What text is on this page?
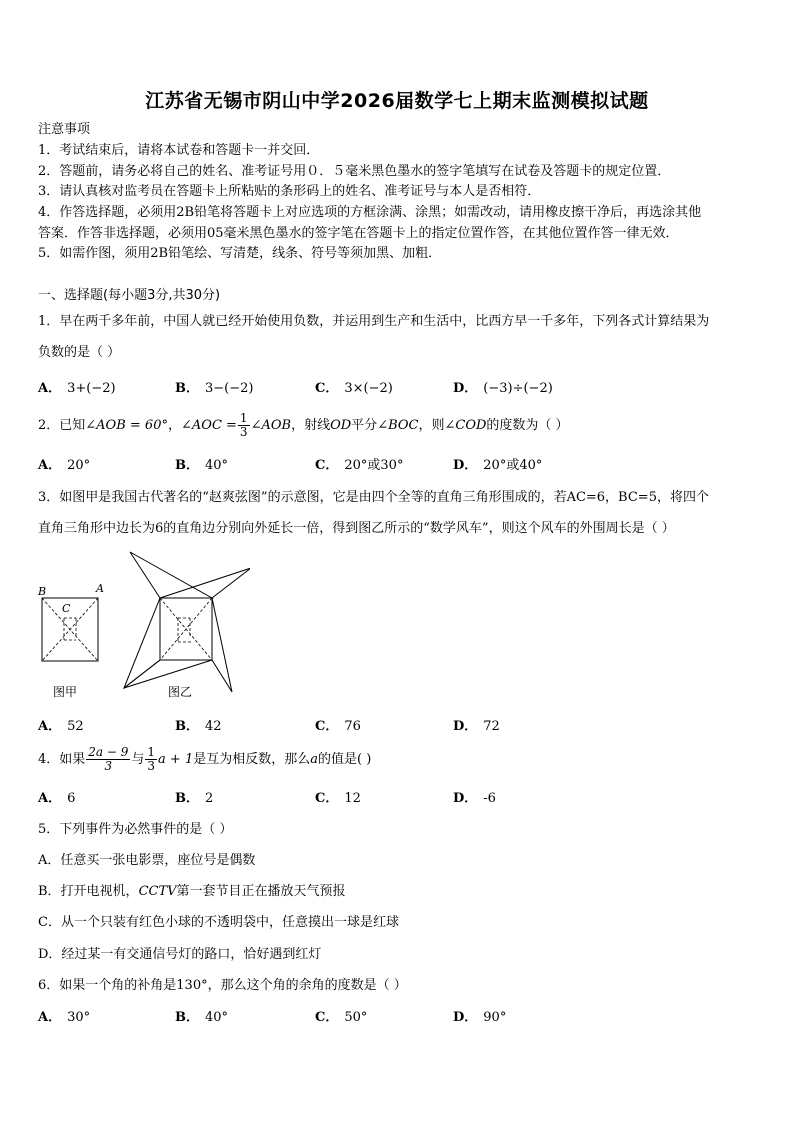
江苏省无锡市阴山中学2026届数学七上期末监测模拟试题
注意事项
1．考试结束后，请将本试卷和答题卡一并交回．
2．答题前，请务必将自己的姓名、准考证号用０．５毫米黑色墨水的签字笔填写在试卷及答题卡的规定位置．
3．请认真核对监考员在答题卡上所粘贴的条形码上的姓名、准考证号与本人是否相符．
4．作答选择题，必须用2B铅笔将答题卡上对应选项的方框涂满、涂黑；如需改动，请用橡皮擦干净后，再选涂其他
答案．作答非选择题，必须用05毫米黑色墨水的签字笔在答题卡上的指定位置作答，在其他位置作答一律无效．
5．如需作图，须用2B铅笔绘、写清楚，线条、符号等须加黑、加粗．
一、选择题(每小题3分,共30分)
1．早在两千多年前，中国人就已经开始使用负数，并运用到生产和生活中，比西方早一千多年，下列各式计算结果为
负数的是（ ）
A． 3+(−2)	B． 3−(−2)	C． 3×(−2)	D． (−3)÷(−2)
2．已知∠AOB = 60°，∠AOC = $\frac{1}{3}$ ∠AOB，射线OD平分∠BOC，则∠COD的度数为（ ）
A． 20°	B． 40°	C． 20°或30°	D． 20°或40°
3．如图甲是我国古代著名的“赵爽弦图”的示意图，它是由四个全等的直角三角形围成的，若AC=6，BC=5，将四个
直角三角形中边长为6的直角边分别向外延长一倍，得到图乙所示的“数学风车”，则这个风车的外围周长是（ ）
B	A
C
图甲	图乙
A． 52	B． 42	C． 76	D． 72
4．如果 $\frac{2a - 9}{3}$ 与 $\frac{1}{3}$ a + 1是互为相反数，那么a的值是( )
A． 6	B． 2	C． 12	D． -6
5．下列事件为必然事件的是（ ）
A．任意买一张电影票，座位号是偶数
B．打开电视机，CCTV第一套节目正在播放天气预报
C．从一个只装有红色小球的不透明袋中，任意摸出一球是红球
D．经过某一有交通信号灯的路口，恰好遇到红灯
6．如果一个角的补角是130°，那么这个角的余角的度数是（ ）
A． 30°	B． 40°	C． 50°	D． 90°
